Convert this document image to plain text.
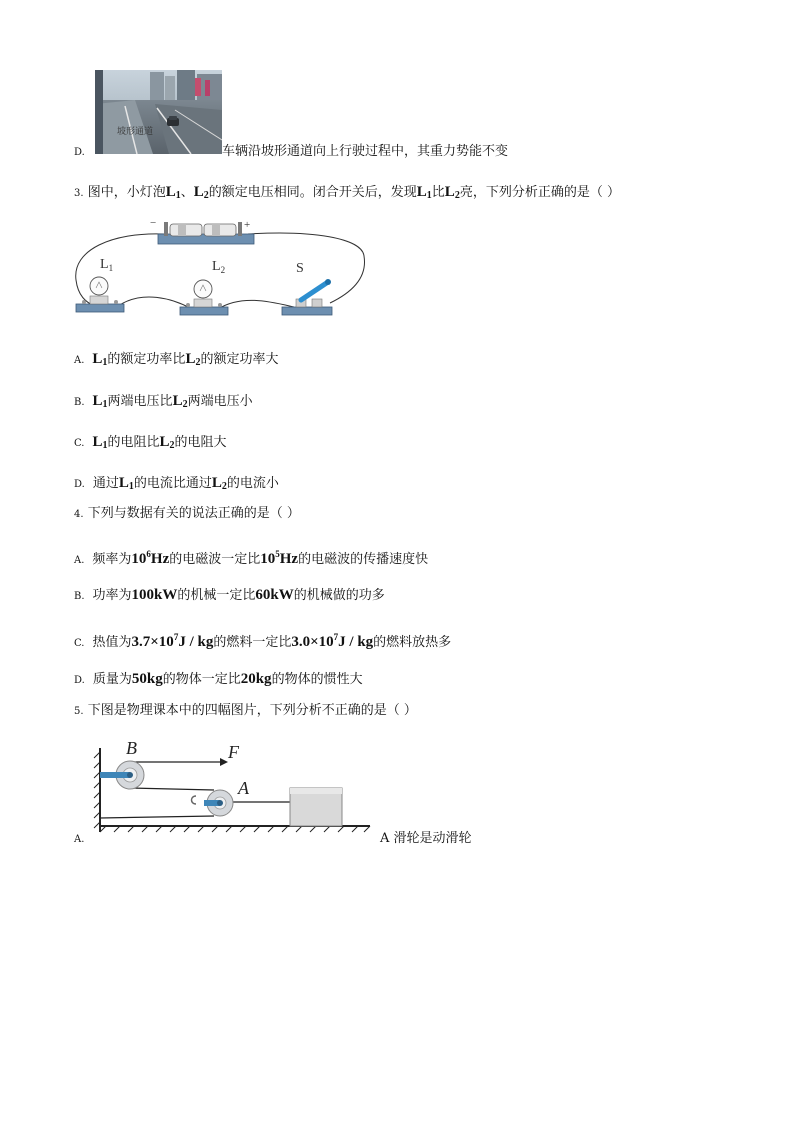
D.
坡形通道
车辆沿坡形通道向上行驶过程中，其重力势能不变
3. 图中，小灯泡$L_1$、$L_2$的额定电压相同。闭合开关后，发现$L_1$比$L_2$亮，下列分析正确的是（ ）
−	+
$L_1$	$L_2$	S
A. $L_1$的额定功率比$L_2$的额定功率大
B. $L_1$两端电压比$L_2$两端电压小
C. $L_1$的电阻比$L_2$的电阻大
D. 通过$L_1$的电流比通过$L_2$的电流小
4. 下列与数据有关的说法正确的是（ ）
A. 频率为$10^6Hz$的电磁波一定比$10^5Hz$的电磁波的传播速度快
B. 功率为100kW的机械一定比60kW的机械做的功多
C. 热值为$3.7\times 10^7J$ / kg的燃料一定比$3.0\times 10^7J$ / kg的燃料放热多
D. 质量为50kg的物体一定比20kg的物体的惯性大
5. 下图是物理课本中的四幅图片，下列分析不正确的是（ ）
A.
F
B
A
A 滑轮是动滑轮
